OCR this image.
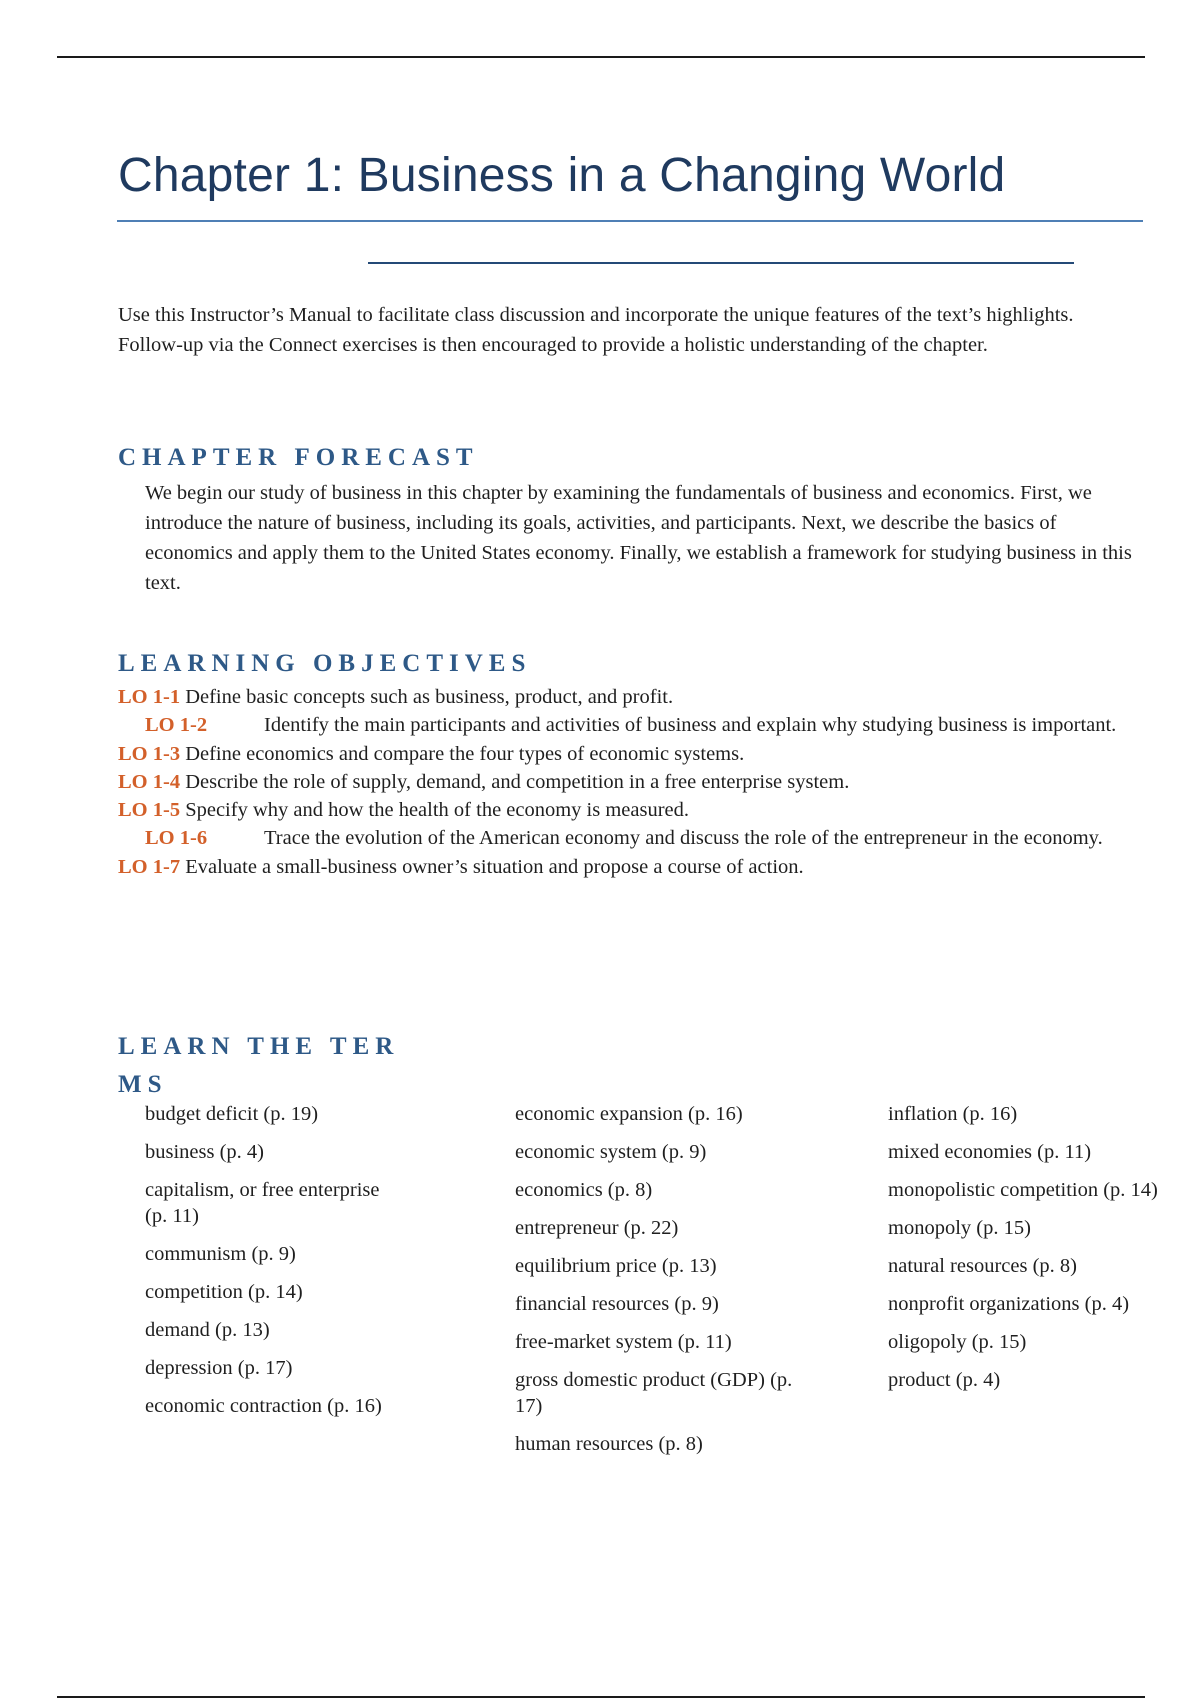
Chapter 1: Business in a Changing World
Use this Instructor’s Manual to facilitate class discussion and incorporate the unique features of the text’s highlights. Follow-up via the Connect exercises is then encouraged to provide a holistic understanding of the chapter.
CHAPTER FORECAST
We begin our study of business in this chapter by examining the fundamentals of business and economics. First, we introduce the nature of business, including its goals, activities, and participants. Next, we describe the basics of economics and apply them to the United States economy. Finally, we establish a framework for studying business in this text.
LEARNING OBJECTIVES
LO 1-1 Define basic concepts such as business, product, and profit.
LO 1-2	Identify the main participants and activities of business and explain why studying business is important.
LO 1-3 Define economics and compare the four types of economic systems.
LO 1-4 Describe the role of supply, demand, and competition in a free enterprise system.
LO 1-5 Specify why and how the health of the economy is measured.
LO 1-6	Trace the evolution of the American economy and discuss the role of the entrepreneur in the economy.
LO 1-7 Evaluate a small-business owner’s situation and propose a course of action.
LEARN THE TER
MS
budget deficit (p. 19)
business (p. 4)
capitalism, or free enterprise (p. 11)
communism (p. 9)
competition (p. 14)
demand (p. 13)
depression (p. 17)
economic contraction (p. 16)
economic expansion (p. 16)
economic system (p. 9)
economics (p. 8)
entrepreneur (p. 22)
equilibrium price (p. 13)
financial resources (p. 9)
free-market system (p. 11)
gross domestic product (GDP) (p. 17)
human resources (p. 8)
inflation (p. 16)
mixed economies (p. 11)
monopolistic competition (p. 14)
monopoly (p. 15)
natural resources (p. 8)
nonprofit organizations (p. 4)
oligopoly (p. 15)
product (p. 4)
